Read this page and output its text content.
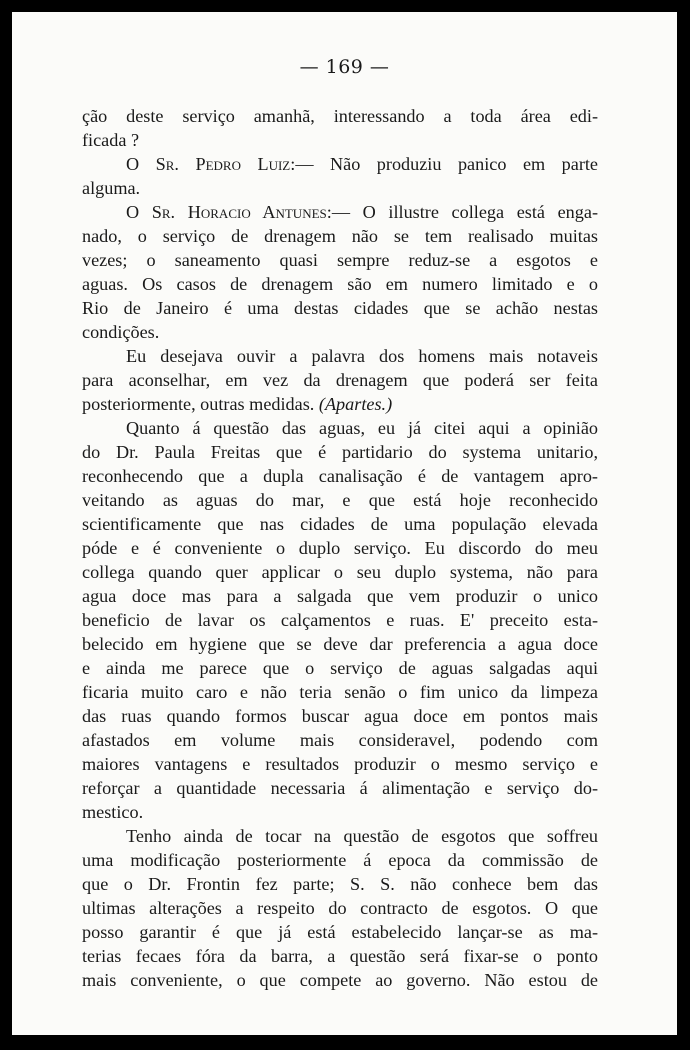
— 169 —
ção deste serviço amanhã, interessando a toda área edi-
ficada ?
O Sr. Pedro Luiz:— Não produziu panico em parte
alguma.
O Sr. Horacio Antunes:— O illustre collega está enga-
nado, o serviço de drenagem não se tem realisado muitas
vezes; o saneamento quasi sempre reduz-se a esgotos e
aguas. Os casos de drenagem são em numero limitado e o
Rio de Janeiro é uma destas cidades que se achão nestas
condições.
Eu desejava ouvir a palavra dos homens mais notaveis
para aconselhar, em vez da drenagem que poderá ser feita
posteriormente, outras medidas. (Apartes.)
Quanto á questão das aguas, eu já citei aqui a opinião
do Dr. Paula Freitas que é partidario do systema unitario,
reconhecendo que a dupla canalisação é de vantagem apro-
veitando as aguas do mar, e que está hoje reconhecido
scientificamente que nas cidades de uma população elevada
póde e é conveniente o duplo serviço. Eu discordo do meu
collega quando quer applicar o seu duplo systema, não para
agua doce mas para a salgada que vem produzir o unico
beneficio de lavar os calçamentos e ruas. E' preceito esta-
belecido em hygiene que se deve dar preferencia a agua doce
e ainda me parece que o serviço de aguas salgadas aqui
ficaria muito caro e não teria senão o fim unico da limpeza
das ruas quando formos buscar agua doce em pontos mais
afastados em volume mais consideravel, podendo com
maiores vantagens e resultados produzir o mesmo serviço e
reforçar a quantidade necessaria á alimentação e serviço do-
mestico.
Tenho ainda de tocar na questão de esgotos que soffreu
uma modificação posteriormente á epoca da commissão de
que o Dr. Frontin fez parte; S. S. não conhece bem das
ultimas alterações a respeito do contracto de esgotos. O que
posso garantir é que já está estabelecido lançar-se as ma-
terias fecaes fóra da barra, a questão será fixar-se o ponto
mais conveniente, o que compete ao governo. Não estou de
